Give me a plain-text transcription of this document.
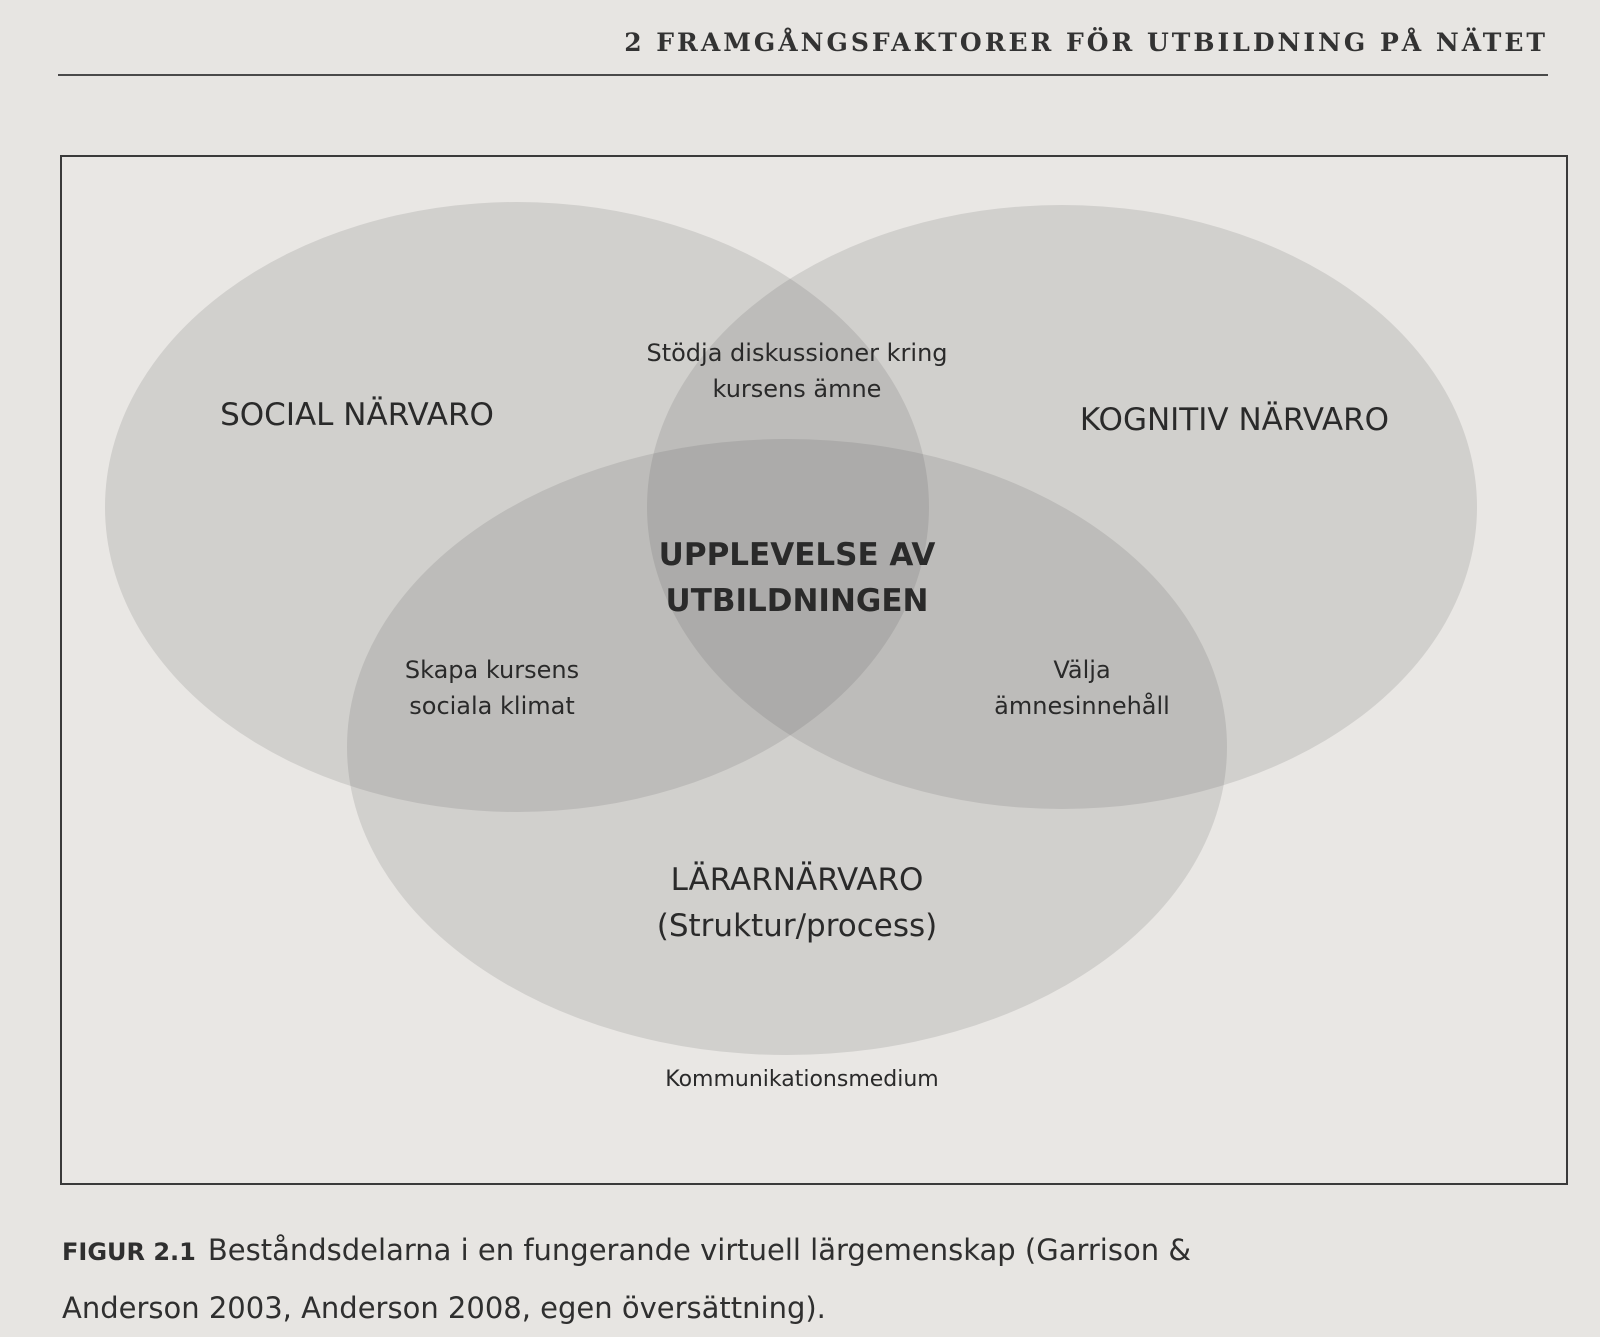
2 FRAMGÅNGSFAKTORER FÖR UTBILDNING PÅ NÄTET
SOCIAL NÄRVARO	KOGNITIV NÄRVARO
Stödja diskussioner kring
kursens ämne
UPPLEVELSE AV
UTBILDNINGEN
Skapa kursens
sociala klimat
Välja
ämnesinnehåll
LÄRARNÄRVARO
(Struktur/process)
Kommunikationsmedium
FIGUR 2.1 Beståndsdelarna i en fungerande virtuell lärgemenskap (Garrison & Anderson 2003, Anderson 2008, egen översättning).
